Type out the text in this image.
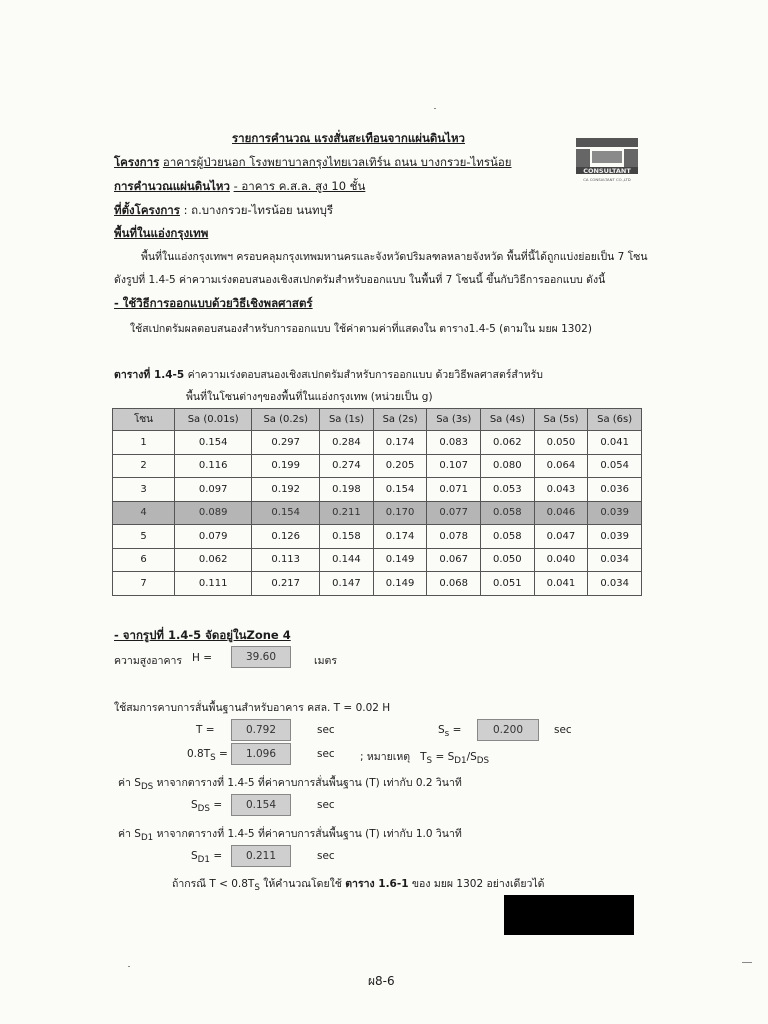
รายการคำนวณ แรงสั่นสะเทือนจากแผ่นดินไหว
โครงการ อาคารผู้ป่วยนอก โรงพยาบาลกรุงไทยเวลเทิร์น ถนน บางกรวย-ไทรน้อย
การคำนวณแผ่นดินไหว - อาคาร ค.ส.ล. สูง 10 ชั้น
ที่ตั้งโครงการ : ถ.บางกรวย-ไทรน้อย นนทบุรี
พื้นที่ในแอ่งกรุงเทพ
CONSULTANT
CA CONSULTANT CO.,LTD
พื้นที่ในแอ่งกรุงเทพฯ ครอบคลุมกรุงเทพมหานครและจังหวัดปริมลฑลหลายจังหวัด พื้นที่นี้ได้ถูกแบ่งย่อยเป็น 7 โซน
ดังรูปที่ 1.4-5 ค่าความเร่งตอบสนองเชิงสเปกตรัมสำหรับออกแบบ ในพื้นที่ 7 โซนนี้ ขึ้นกับวิธีการออกแบบ ดังนี้
- ใช้วิธีการออกแบบด้วยวิธีเชิงพลศาสตร์
ใช้สเปกตรัมผลตอบสนองสำหรับการออกแบบ ใช้ค่าตามค่าที่แสดงใน ตาราง1.4-5 (ตามใน มยผ 1302)
ตารางที่ 1.4-5 ค่าความเร่งตอบสนองเชิงสเปกตรัมสำหรับการออกแบบ ด้วยวิธีพลศาสตร์สำหรับ
พื้นที่ในโซนต่างๆของพื้นที่ในแอ่งกรุงเทพ (หน่วยเป็น g)
โซน	Sa (0.01s)	Sa (0.2s)	Sa (1s)	Sa (2s)	Sa (3s)	Sa (4s)	Sa (5s)	Sa (6s)
1	0.154	0.297	0.284	0.174	0.083	0.062	0.050	0.041
2	0.116	0.199	0.274	0.205	0.107	0.080	0.064	0.054
3	0.097	0.192	0.198	0.154	0.071	0.053	0.043	0.036
4	0.089	0.154	0.211	0.170	0.077	0.058	0.046	0.039
5	0.079	0.126	0.158	0.174	0.078	0.058	0.047	0.039
6	0.062	0.113	0.144	0.149	0.067	0.050	0.040	0.034
7	0.111	0.217	0.147	0.149	0.068	0.051	0.041	0.034
- จากรูปที่ 1.4-5 จัดอยู่ในZone 4
ความสูงอาคาร H =	39.60	เมตร
ใช้สมการคาบการสั่นพื้นฐานสำหรับอาคาร คสล. T = 0.02 H
T =	0.792	sec	$S_s$ =	0.200	sec
$0.8T_S$ =	1.096	sec ; หมายเหตุ $T_S = S_{D1}/S_{DS}$
ค่า $S_{DS}$ หาจากตารางที่ 1.4-5 ที่ค่าคาบการสั่นพื้นฐาน (T) เท่ากับ 0.2 วินาที
$S_{DS}$ =	0.154	sec
ค่า $S_{D1}$ หาจากตารางที่ 1.4-5 ที่ค่าคาบการสั่นพื้นฐาน (T) เท่ากับ 1.0 วินาที
$S_{D1}$ =	0.211	sec
ถ้ากรณี $T < 0.8T_S$ ให้คำนวณโดยใช้ ตาราง 1.6-1 ของ มยผ 1302 อย่างเดียวได้
ผ8-6
